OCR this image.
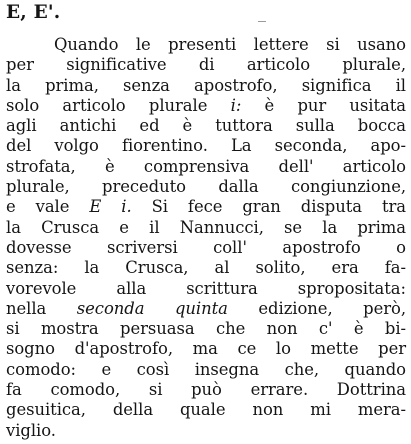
E, E'.
Quando le presenti lettere si usano
per significative di articolo plurale,
la prima, senza apostrofo, significa il
solo articolo plurale i: è pur usitata
agli antichi ed è tuttora sulla bocca
del volgo fiorentino. La seconda, apo-
strofata, è comprensiva dell' articolo
plurale, preceduto dalla congiunzione,
e vale E i. Si fece gran disputa tra
la Crusca e il Nannucci, se la prima
dovesse scriversi coll' apostrofo o
senza: la Crusca, al solito, era fa-
vorevole alla scrittura spropositata:
nella seconda quinta edizione, però,
si mostra persuasa che non c' è bi-
sogno d'apostrofo, ma ce lo mette per
comodo: e così insegna che, quando
fa comodo, si può errare. Dottrina
gesuitica, della quale non mi mera-
viglio.
